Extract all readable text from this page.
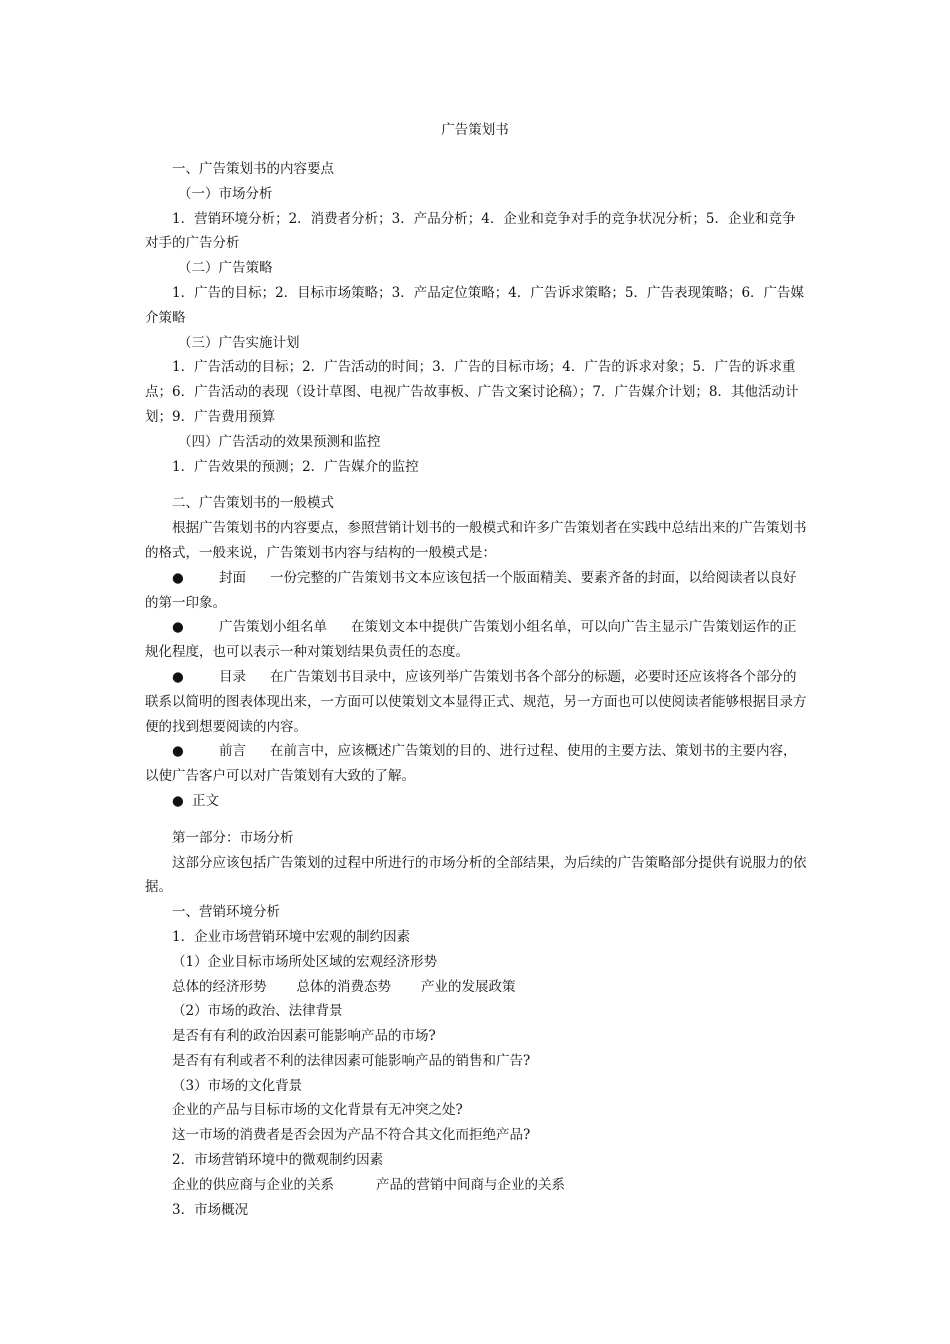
广告策划书

一、广告策划书的内容要点

（一）市场分析

1．营销环境分析；2．消费者分析；3．产品分析；4．企业和竞争对手的竞争状况分析；5．企业和竞争对手的广告分析

（二）广告策略

1．广告的目标；2．目标市场策略；3．产品定位策略；4．广告诉求策略；5．广告表现策略；6．广告媒介策略

（三）广告实施计划

1．广告活动的目标；2．广告活动的时间；3．广告的目标市场；4．广告的诉求对象；5．广告的诉求重点；6．广告活动的表现（设计草图、电视广告故事板、广告文案讨论稿）；7．广告媒介计划；8．其他活动计划；9．广告费用预算

（四）广告活动的效果预测和监控

1．广告效果的预测；2．广告媒介的监控

二、广告策划书的一般模式

根据广告策划书的内容要点，参照营销计划书的一般模式和许多广告策划者在实践中总结出来的广告策划书的格式，一般来说，广告策划书内容与结构的一般模式是：

●	封面 一份完整的广告策划书文本应该包括一个版面精美、要素齐备的封面，以给阅读者以良好的第一印象。

●	广告策划小组名单 在策划文本中提供广告策划小组名单，可以向广告主显示广告策划运作的正规化程度，也可以表示一种对策划结果负责任的态度。

●	目录 在广告策划书目录中，应该列举广告策划书各个部分的标题，必要时还应该将各个部分的联系以简明的图表体现出来，一方面可以使策划文本显得正式、规范，另一方面也可以使阅读者能够根据目录方便的找到想要阅读的内容。

●	前言 在前言中，应该概述广告策划的目的、进行过程、使用的主要方法、策划书的主要内容，以使广告客户可以对广告策划有大致的了解。

● 正文

第一部分：市场分析

这部分应该包括广告策划的过程中所进行的市场分析的全部结果，为后续的广告策略部分提供有说服力的依据。

一、营销环境分析

1．企业市场营销环境中宏观的制约因素

（1）企业目标市场所处区域的宏观经济形势

总体的经济形势 总体的消费态势 产业的发展政策

（2）市场的政治、法律背景

是否有有利的政治因素可能影响产品的市场?

是否有有利或者不利的法律因素可能影响产品的销售和广告?

（3）市场的文化背景

企业的产品与目标市场的文化背景有无冲突之处?

这一市场的消费者是否会因为产品不符合其文化而拒绝产品?

2．市场营销环境中的微观制约因素

企业的供应商与企业的关系	产品的营销中间商与企业的关系

3．市场概况
